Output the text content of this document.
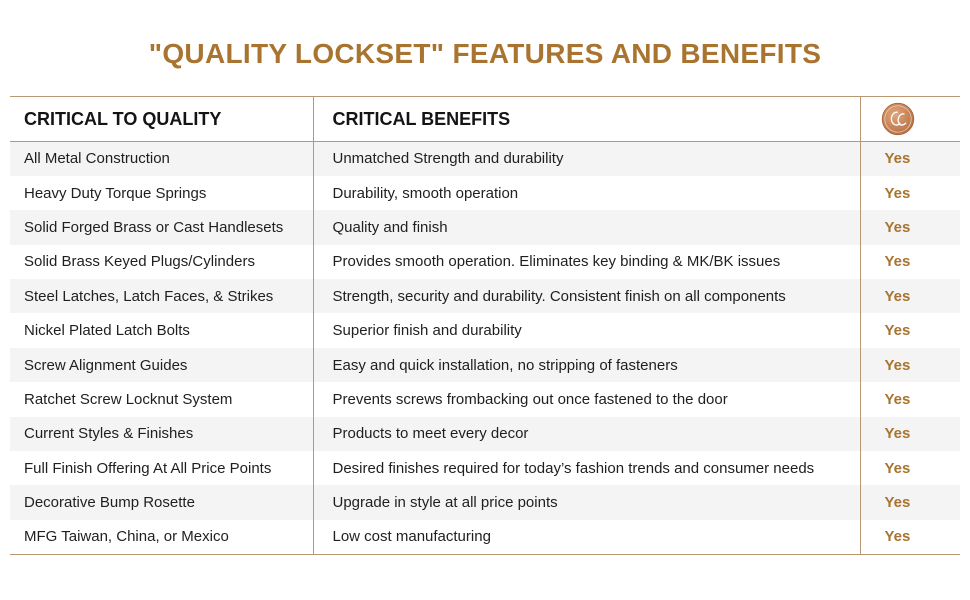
"QUALITY LOCKSET" FEATURES AND BENEFITS
CRITICAL TO QUALITY	CRITICAL BENEFITS	
All Metal Construction	Unmatched Strength and durability	Yes
Heavy Duty Torque Springs	Durability, smooth operation	Yes
Solid Forged Brass or Cast Handlesets	Quality and finish	Yes
Solid Brass Keyed Plugs/Cylinders	Provides smooth operation. Eliminates key binding & MK/BK issues	Yes
Steel Latches, Latch Faces, & Strikes	Strength, security and durability. Consistent finish on all components	Yes
Nickel Plated Latch Bolts	Superior finish and durability	Yes
Screw Alignment Guides	Easy and quick installation, no stripping of fasteners	Yes
Ratchet Screw Locknut System	Prevents screws frombacking out once fastened to the door	Yes
Current Styles & Finishes	Products to meet every decor	Yes
Full Finish Offering At All Price Points	Desired finishes required for today’s fashion trends and consumer needs	Yes
Decorative Bump Rosette	Upgrade in style at all price points	Yes
MFG Taiwan, China, or Mexico	Low cost manufacturing	Yes
